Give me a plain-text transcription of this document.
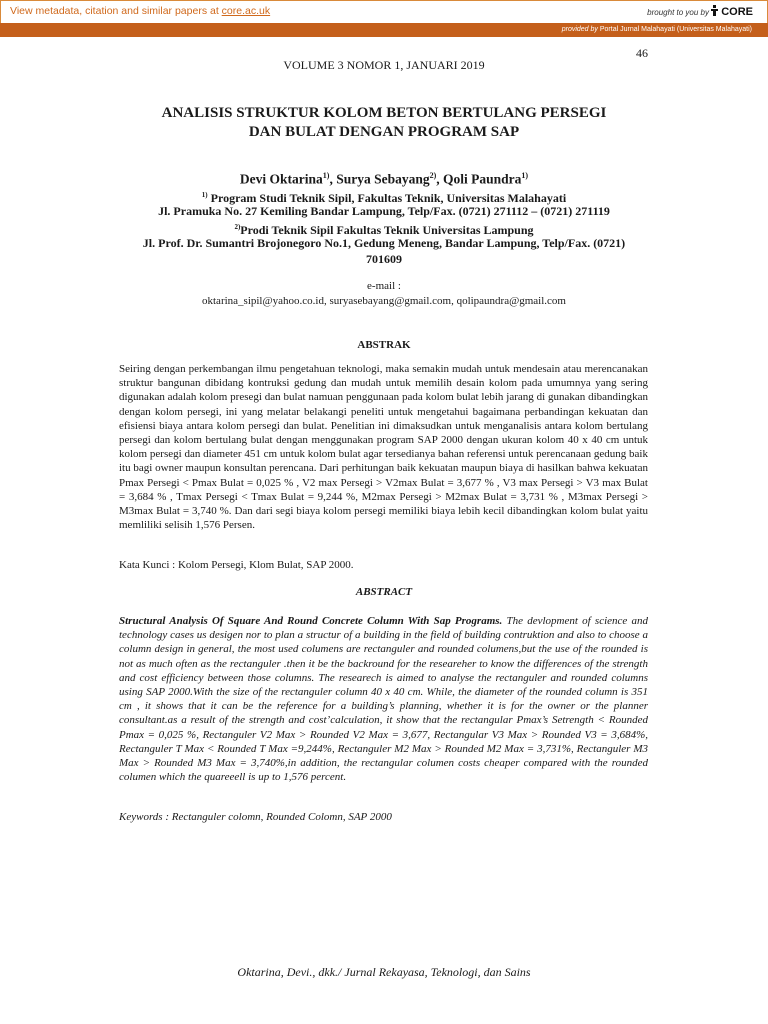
View metadata, citation and similar papers at core.ac.uk	brought to you by	CORE
provided by Portal Jurnal Malahayati (Universitas Malahayati)
46
VOLUME 3 NOMOR 1, JANUARI 2019
ANALISIS STRUKTUR KOLOM BETON BERTULANG PERSEGI
DAN BULAT DENGAN PROGRAM SAP
Devi Oktarina$^{1)}$, Surya Sebayang$^{2)}$, Qoli Paundra$^{1)}$
$^{1)}$ Program Studi Teknik Sipil, Fakultas Teknik, Universitas Malahayati
Jl. Pramuka No. 27 Kemiling Bandar Lampung, Telp/Fax. (0721) 271112 – (0721) 271119
$^{2)}$Prodi Teknik Sipil Fakultas Teknik Universitas Lampung
Jl. Prof. Dr. Sumantri Brojonegoro No.1, Gedung Meneng, Bandar Lampung, Telp/Fax. (0721)
701609
e-mail :
oktarina_sipil@yahoo.co.id, suryasebayang@gmail.com, qolipaundra@gmail.com
ABSTRAK

Seiring dengan perkembangan ilmu pengetahuan teknologi, maka semakin mudah untuk mendesain atau merencanakan struktur bangunan dibidang kontruksi gedung dan mudah untuk memilih desain kolom pada umumnya yang sering digunakan adalah kolom presegi dan bulat namuan penggunaan pada kolom bulat lebih jarang di gunakan dibandingkan dengan kolom persegi, ini yang melatar belakangi peneliti untuk mengetahui bagaimana perbandingan kekuatan dan efisiensi biaya antara kolom persegi dan bulat. Penelitian ini dimaksudkan untuk menganalisis antara kolom bertulang persegi dan kolom bertulang bulat dengan menggunakan program SAP 2000 dengan ukuran kolom 40 x 40 cm untuk kolom persegi dan diameter 451 cm untuk kolom bulat agar tersedianya bahan referensi untuk perencanaan gedung baik itu bagi owner maupun konsultan perencana. Dari perhitungan baik kekuatan maupun biaya di hasilkan bahwa kekuatan Pmax Persegi < Pmax Bulat = 0,025 % , V2 max Persegi > V2max Bulat = 3,677 % , V3 max Persegi > V3 max Bulat = 3,684 % , Tmax Persegi < Tmax Bulat = 9,244 %, M2max Persegi > M2max Bulat = 3,731 % , M3max Persegi > M3max Bulat = 3,740 %. Dan dari segi biaya kolom persegi memiliki biaya lebih kecil dibandingkan kolom bulat yaitu memliliki selisih 1,576 Persen.

Kata Kunci : Kolom Persegi, Klom Bulat, SAP 2000.
ABSTRACT

Structural Analysis Of Square And Round Concrete Column With Sap Programs. The devlopment of science and technology cases us desigen nor to plan a structur of a building in the field of building contruktion and also to choose a column design in general, the most used columens are rectanguler and rounded columens,but the use of the rounded is not as much often as the rectanguler .then it be the backround for the researeher to know the differences of the strength and cost efficiency between those columns. The researech is aimed to analyse the rectanguler and rounded columns using SAP 2000.With the size of the rectanguler column 40 x 40 cm. While, the diameter of the rounded column is 351 cm , it shows that it can be the reference for a building’s planning, whether it is for the owner or the planner consultant.as a result of the strength and cost’calculation, it show that the rectangular Pmax’s Setrength < Rounded Pmax = 0,025 %, Rectanguler V2 Max > Rounded V2 Max = 3,677, Rectangular V3 Max > Rounded V3 = 3,684%, Rectanguler T Max < Rounded T Max =9,244%, Rectanguler M2 Max > Rounded M2 Max = 3,731%, Rectanguler M3 Max > Rounded M3 Max = 3,740%,in addition, the rectangular columen costs cheaper compared with the rounded columen which the quareeell is up to 1,576 percent.

Keywords : Rectanguler colomn, Rounded Colomn, SAP 2000
Oktarina, Devi., dkk./ Jurnal Rekayasa, Teknologi, dan Sains
